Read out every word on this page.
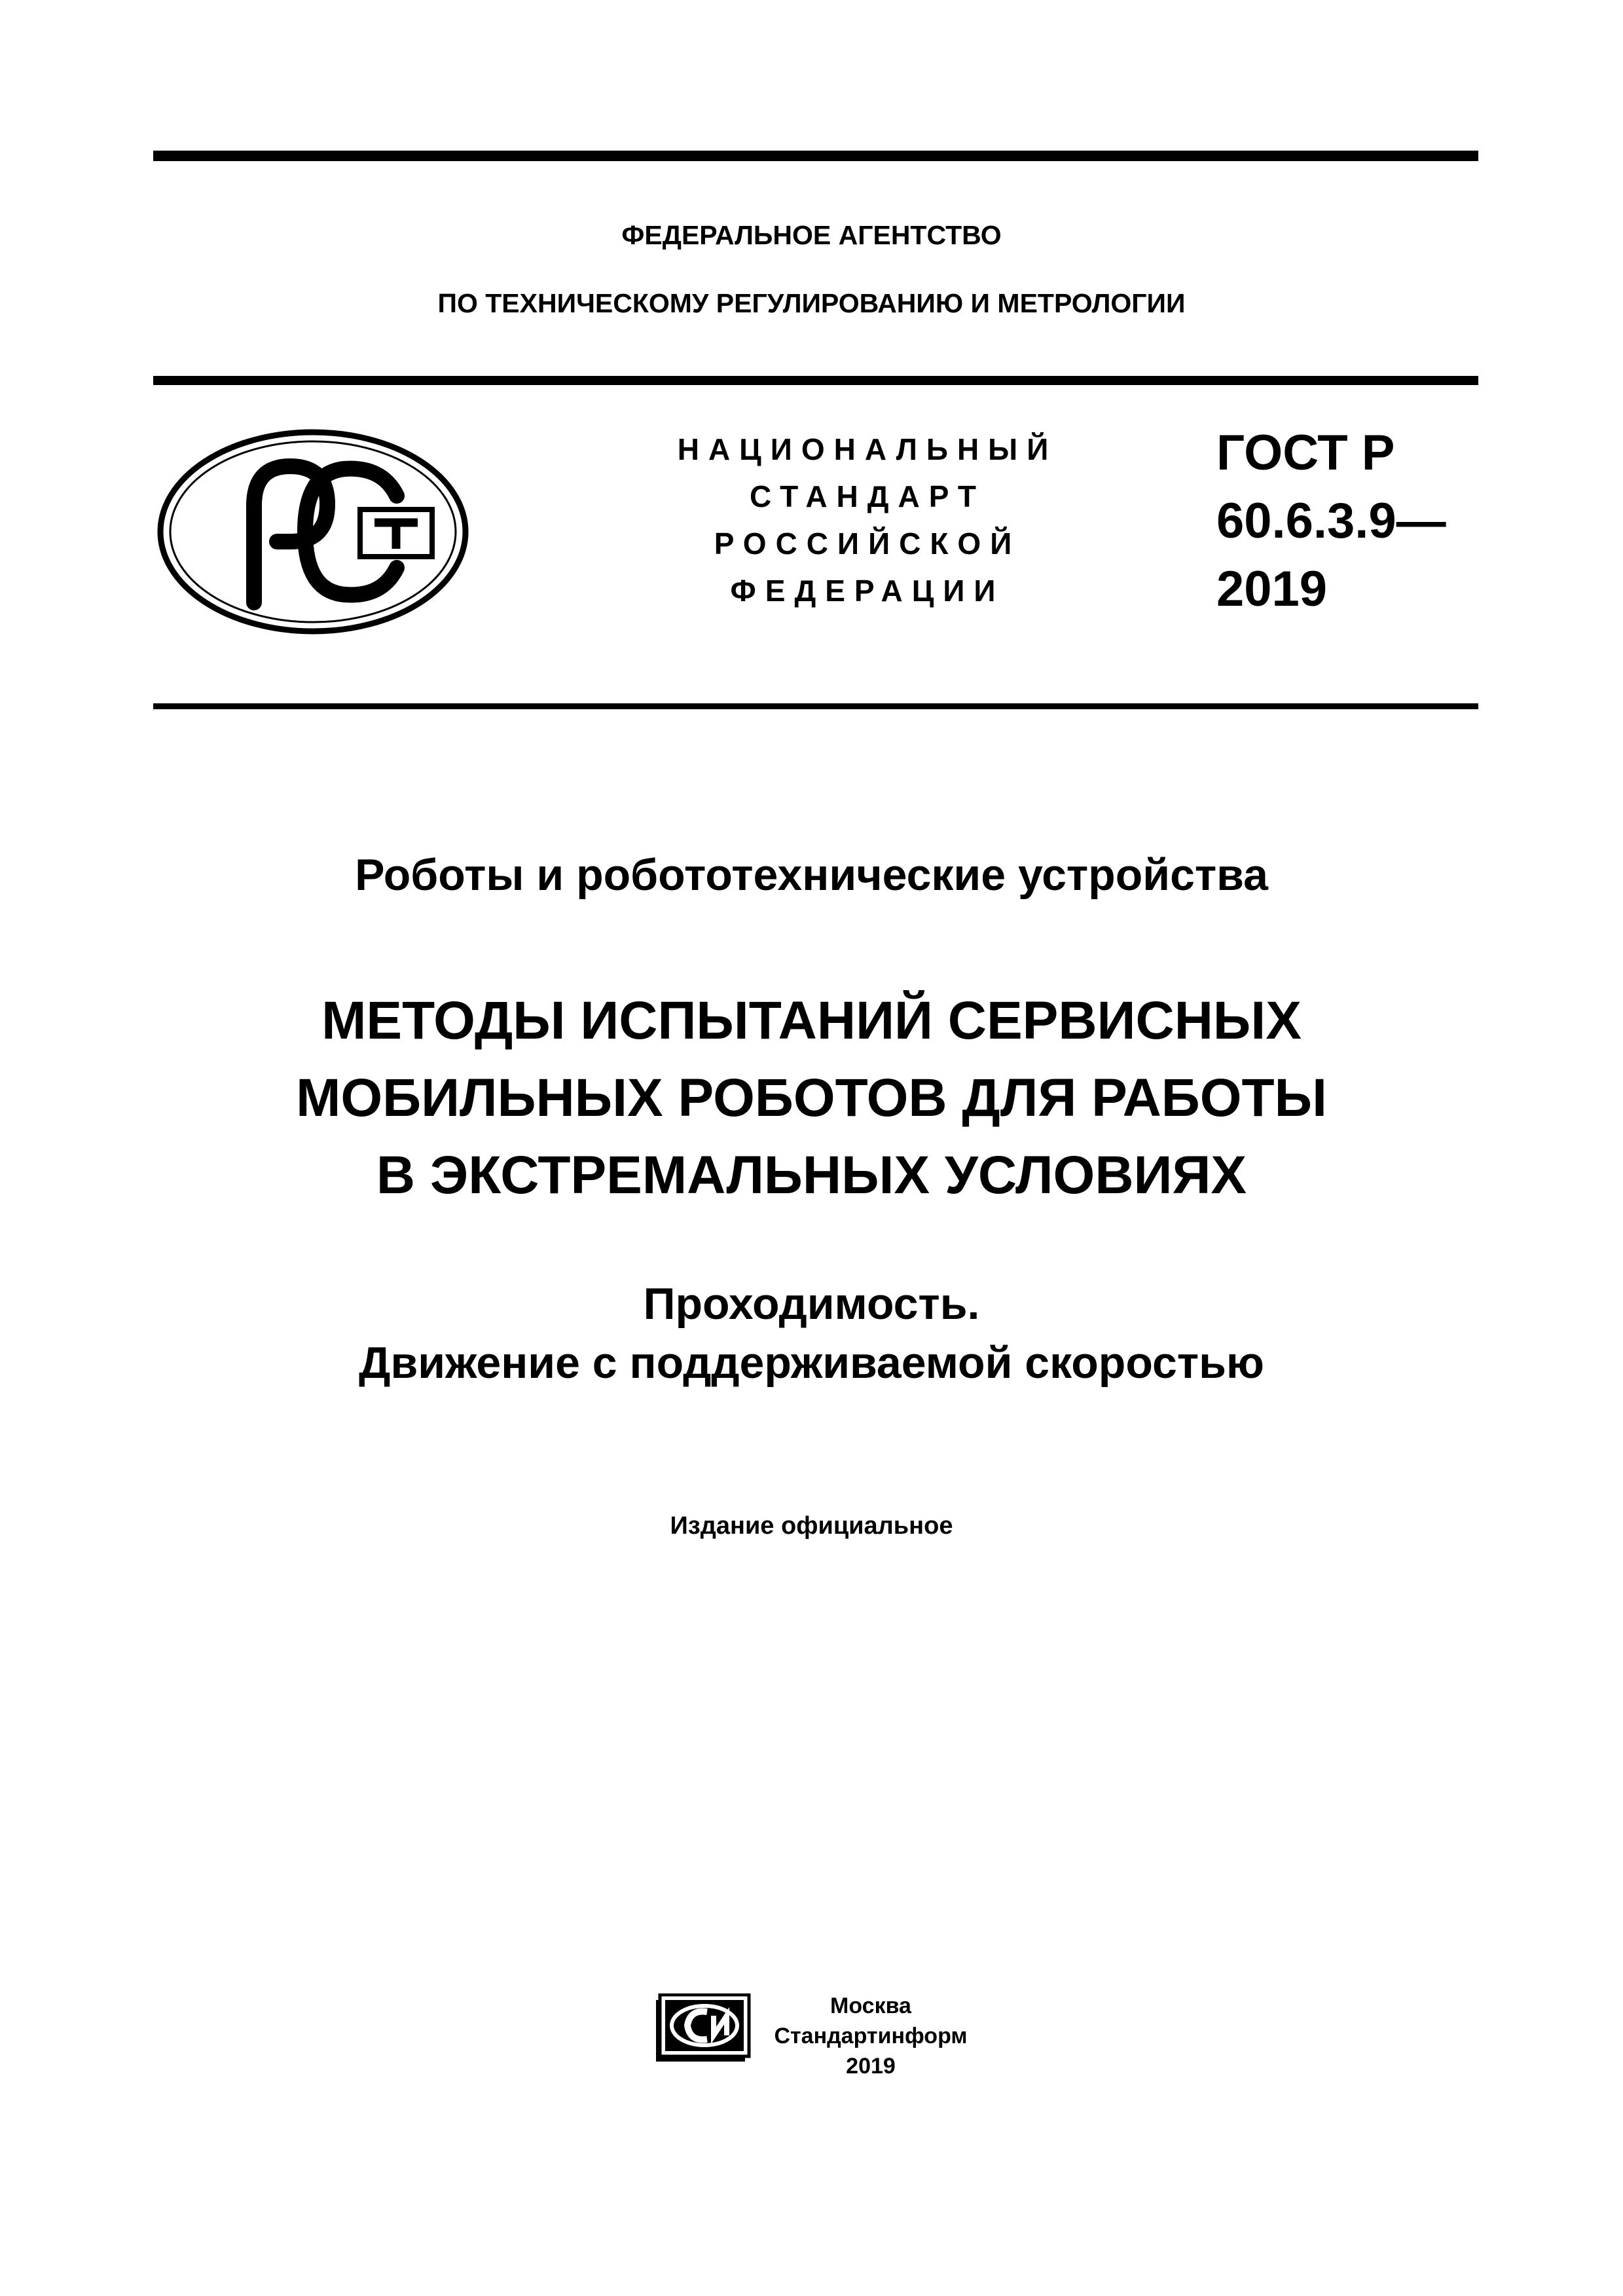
ФЕДЕРАЛЬНОЕ АГЕНТСТВО
ПО ТЕХНИЧЕСКОМУ РЕГУЛИРОВАНИЮ И МЕТРОЛОГИИ
НАЦИОНАЛЬНЫЙ
СТАНДАРТ
РОССИЙСКОЙ
ФЕДЕРАЦИИ
ГОСТ Р
60.6.3.9—
2019
Роботы и робототехнические устройства
МЕТОДЫ ИСПЫТАНИЙ СЕРВИСНЫХ
МОБИЛЬНЫХ РОБОТОВ ДЛЯ РАБОТЫ
В ЭКСТРЕМАЛЬНЫХ УСЛОВИЯХ
Проходимость.
Движение с поддерживаемой скоростью
Издание официальное
Москва
Стандартинформ
2019
